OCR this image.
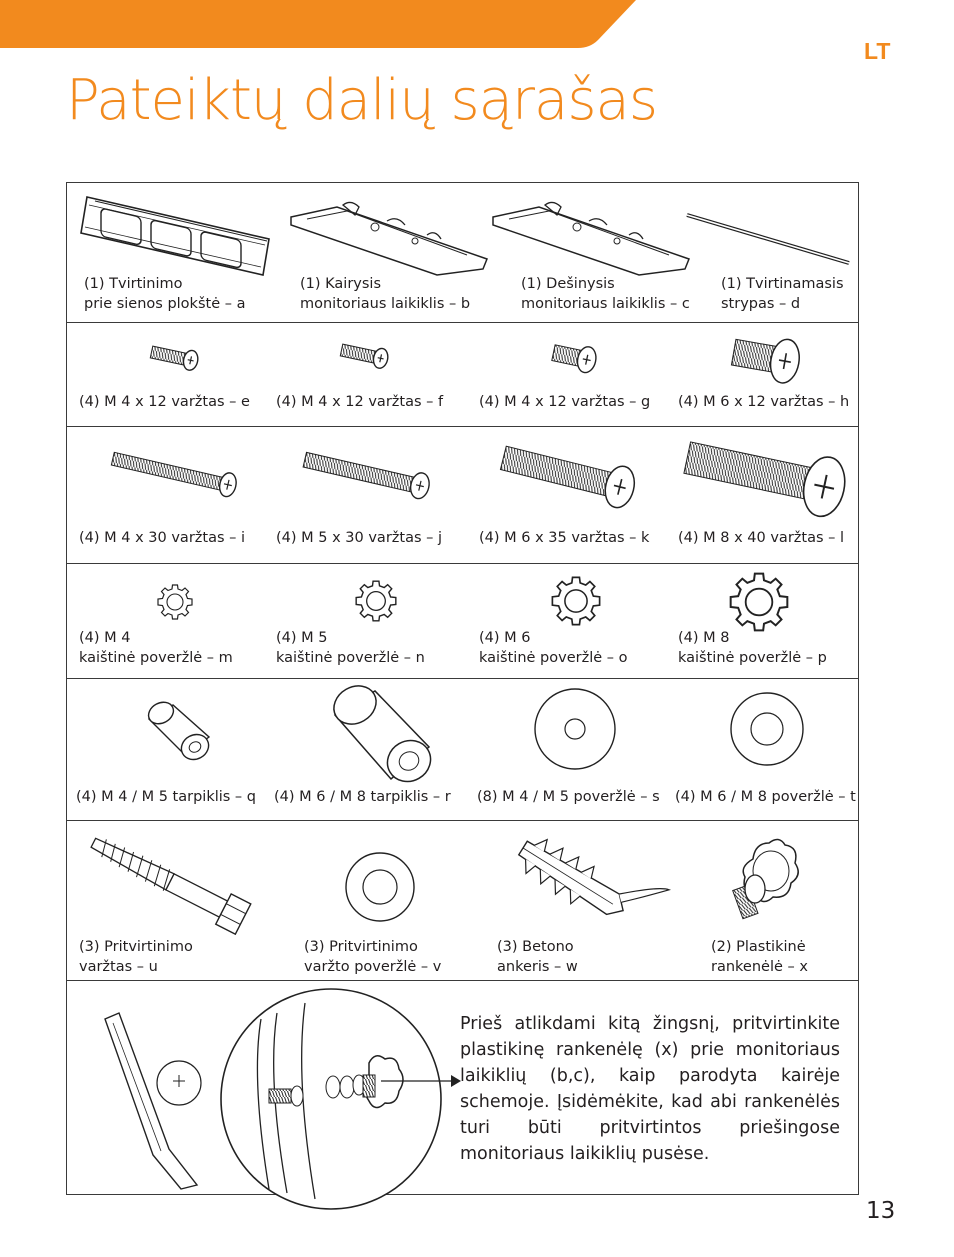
LT
Pateiktų dalių sąrašas
(1) Tvirtinimo
prie sienos plokštė – a
(1) Kairysis
monitoriaus laikiklis – b
(1) Dešinysis
monitoriaus laikiklis – c
(1) Tvirtinamasis
strypas – d
(4) M 4 x 12 varžtas – e (4) M 4 x 12 varžtas – f (4) M 4 x 12 varžtas – g (4) M 6 x 12 varžtas – h
(4) M 4 x 30 varžtas – i (4) M 5 x 30 varžtas – j	(4) M 6 x 35 varžtas – k (4) M 8 x 40 varžtas – l
(4) M 4
kaištinė poveržlė – m
(4) M 5
kaištinė poveržlė – n
(4) M 6
kaištinė poveržlė – o
(4) M 8
kaištinė poveržlė – p
(4) M 4 / M 5 tarpiklis – q (4) M 6 / M 8 tarpiklis – r (8) M 4 / M 5 poveržlė – s (4) M 6 / M 8 poveržlė – t
(3) Pritvirtinimo
varžtas – u
(3) Pritvirtinimo
varžto poveržlė – v
(3) Betono
ankeris – w
(2) Plastikinė
rankenėlė – x
Prieš atlikdami kitą žingsnį, pritvirtinkite plastikinę rankenėlę (x) prie monitoriaus laikiklių (b,c), kaip parodyta kairėje schemoje. Įsidėmėkite, kad abi rankenėlės turi būti pritvirtintos priešingose monitoriaus laikiklių pusėse.
13
